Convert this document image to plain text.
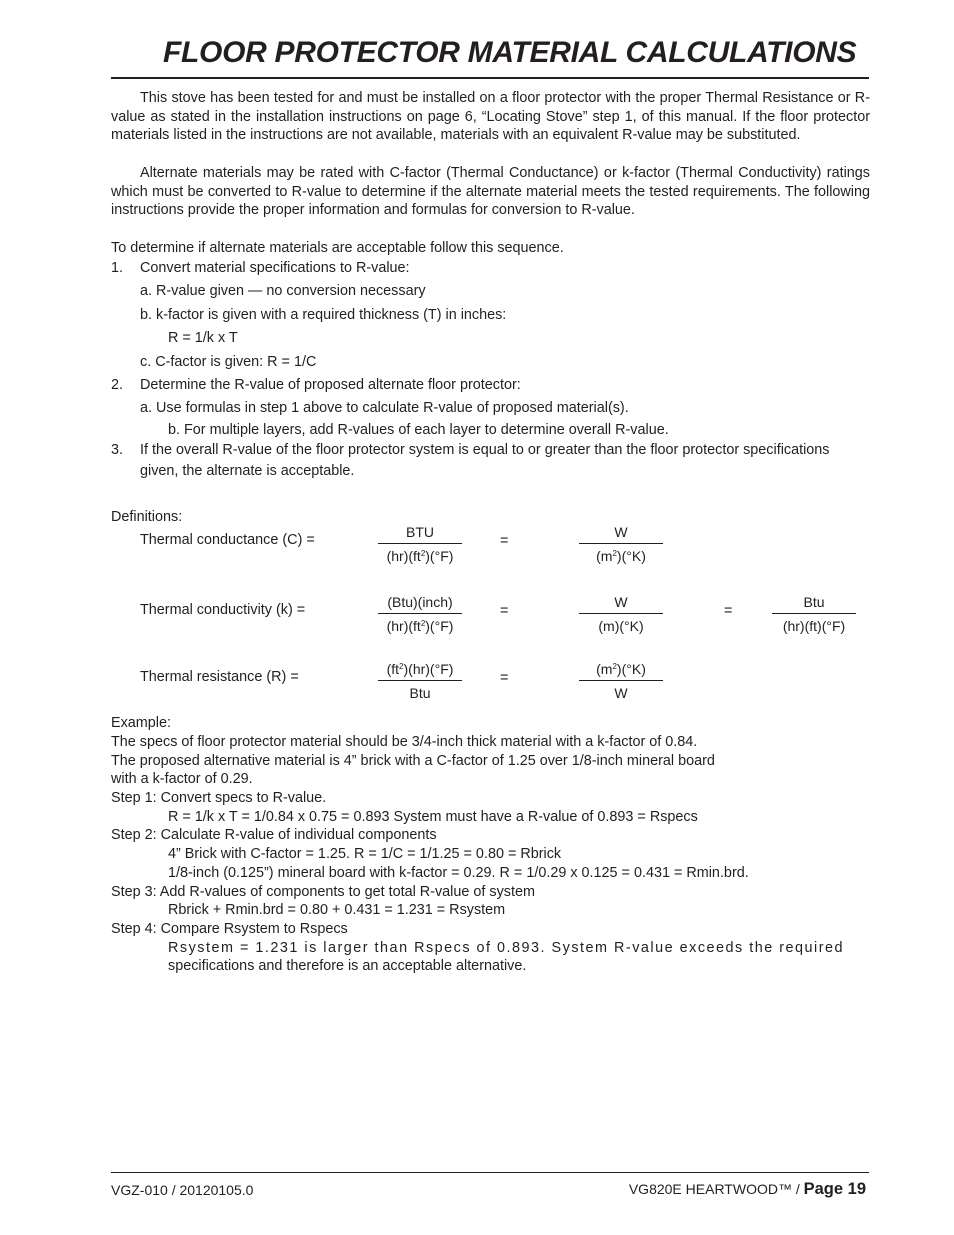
FLOOR PROTECTOR MATERIAL CALCULATIONS
This stove has been tested for and must be installed on a floor protector with the proper Thermal Resistance or R-value as stated in the installation instructions on page 6, “Locating Stove” step 1, of this manual. If the floor protector materials listed in the instructions are not available, materials with an equivalent R-value may be substituted.
Alternate materials may be rated with C-factor (Thermal Conductance) or k-factor (Thermal Conductivity) ratings which must be converted to R-value to determine if the alternate material meets the tested requirements. The following instructions provide the proper information and formulas for conversion to R-value.
To determine if alternate materials are acceptable follow this sequence.
1. Convert material specifications to R-value:
a. R-value given — no conversion necessary
b. k-factor is given with a required thickness (T) in inches:
R = 1/k x T
c. C-factor is given: R = 1/C
2. Determine the R-value of proposed alternate floor protector:
a. Use formulas in step 1 above to calculate R-value of proposed material(s).
b. For multiple layers, add R-values of each layer to determine overall R-value.
3. If the overall R-value of the floor protector system is equal to or greater than the floor protector specifications
given, the alternate is acceptable.
Definitions:
Thermal conductance (C) =	BTU
$(hr)(ft^2)(^\circ F)$
=	$\frac{W}{(m^2)(^\circ K)}$
Thermal conductivity (k) =	(Btu)(inch)
$(hr)(ft^2)(^\circ F)$
=	$\frac{W}{(m)(^\circ K)}$	=
Btu
(hr)(ft)(°F)
Thermal resistance (R) =	$(ft^2)(hr)(^\circ F)$
Btu
=	$\frac{(m^2)(^\circ K)}{W}$
Example:
The specs of floor protector material should be 3/4-inch thick material with a k-factor of 0.84.
The proposed alternative material is 4” brick with a C-factor of 1.25 over 1/8-inch mineral board
with a k-factor of 0.29.
Step 1: Convert specs to R-value.
R = 1/k x T = 1/0.84 x 0.75 = 0.893 System must have a R-value of 0.893 = Rspecs
Step 2: Calculate R-value of individual components
4” Brick with C-factor = 1.25. R = 1/C = 1/1.25 = 0.80 = Rbrick
1/8-inch (0.125”) mineral board with k-factor = 0.29. R = 1/0.29 x 0.125 = 0.431 = Rmin.brd.
Step 3: Add R-values of components to get total R-value of system
Rbrick + Rmin.brd = 0.80 + 0.431 = 1.231 = Rsystem
Step 4: Compare Rsystem to Rspecs
Rsystem = 1.231 is larger than Rspecs of 0.893. System R-value exceeds the required
specifications and therefore is an acceptable alternative.
VGZ-010 / 20120105.0	VG820E HEARTWOOD™ / Page 19
